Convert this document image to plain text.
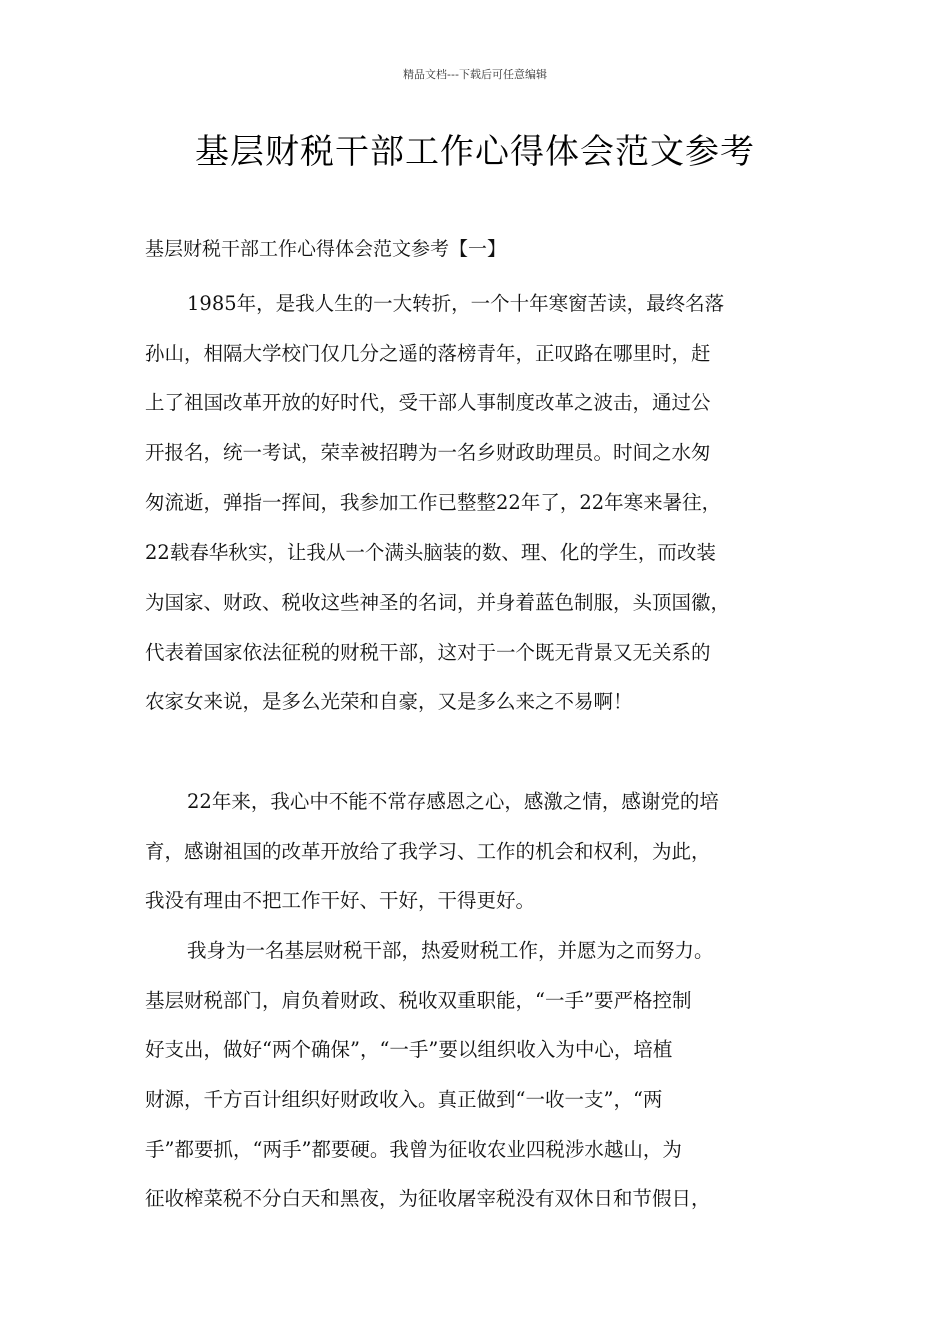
精品文档---下载后可任意编辑
基层财税干部工作心得体会范文参考
基层财税干部工作心得体会范文参考【一】
1985年，是我人生的一大转折，一个十年寒窗苦读，最终名落
孙山，相隔大学校门仅几分之遥的落榜青年，正叹路在哪里时，赶
上了祖国改革开放的好时代，受干部人事制度改革之波击，通过公
开报名，统一考试，荣幸被招聘为一名乡财政助理员。时间之水匆
匆流逝，弹指一挥间，我参加工作已整整22年了，22年寒来暑往，
22载春华秋实，让我从一个满头脑装的数、理、化的学生，而改装
为国家、财政、税收这些神圣的名词，并身着蓝色制服，头顶国徽，
代表着国家依法征税的财税干部，这对于一个既无背景又无关系的
农家女来说，是多么光荣和自豪，又是多么来之不易啊！
22年来，我心中不能不常存感恩之心，感激之情，感谢党的培
育，感谢祖国的改革开放给了我学习、工作的机会和权利，为此，
我没有理由不把工作干好、干好，干得更好。
我身为一名基层财税干部，热爱财税工作，并愿为之而努力。
基层财税部门，肩负着财政、税收双重职能，“一手”要严格控制
好支出，做好“两个确保”，“一手”要以组织收入为中心，培植
财源，千方百计组织好财政收入。真正做到“一收一支”，“两
手”都要抓，“两手”都要硬。我曾为征收农业四税涉水越山，为
征收榨菜税不分白天和黑夜，为征收屠宰税没有双休日和节假日，
